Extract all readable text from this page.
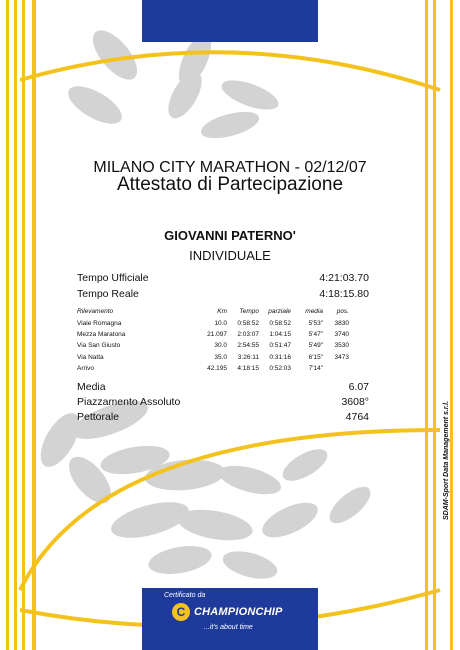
MILANO CITY MARATHON - 02/12/07
Attestato di Partecipazione
GIOVANNI PATERNO'
INDIVIDUALE
Tempo Ufficiale	4:21:03.70
Tempo Reale	4:18:15.80
Rilevamento	Km	Tempo	parziale	media	pos.
Viale Romagna	10.0	0:58:52	0:58:52	5'53"	3830
Mezza Maratona	21.097	2:03:07	1:04:15	5'47"	3740
Via San Giusto	30.0	2:54:55	0:51:47	5'49"	3530
Via Natta	35.0	3:26:11	0:31:16	6'15"	3473
Arrivo	42.195	4:18:15	0:52:03	7'14"
Media	6.07
Piazzamento Assoluto	3608°
Pettorale	4764	SDAM-Sport Data Management s.r.l.
Certificato da
C CHAMPIONCHIP
...it's about time
